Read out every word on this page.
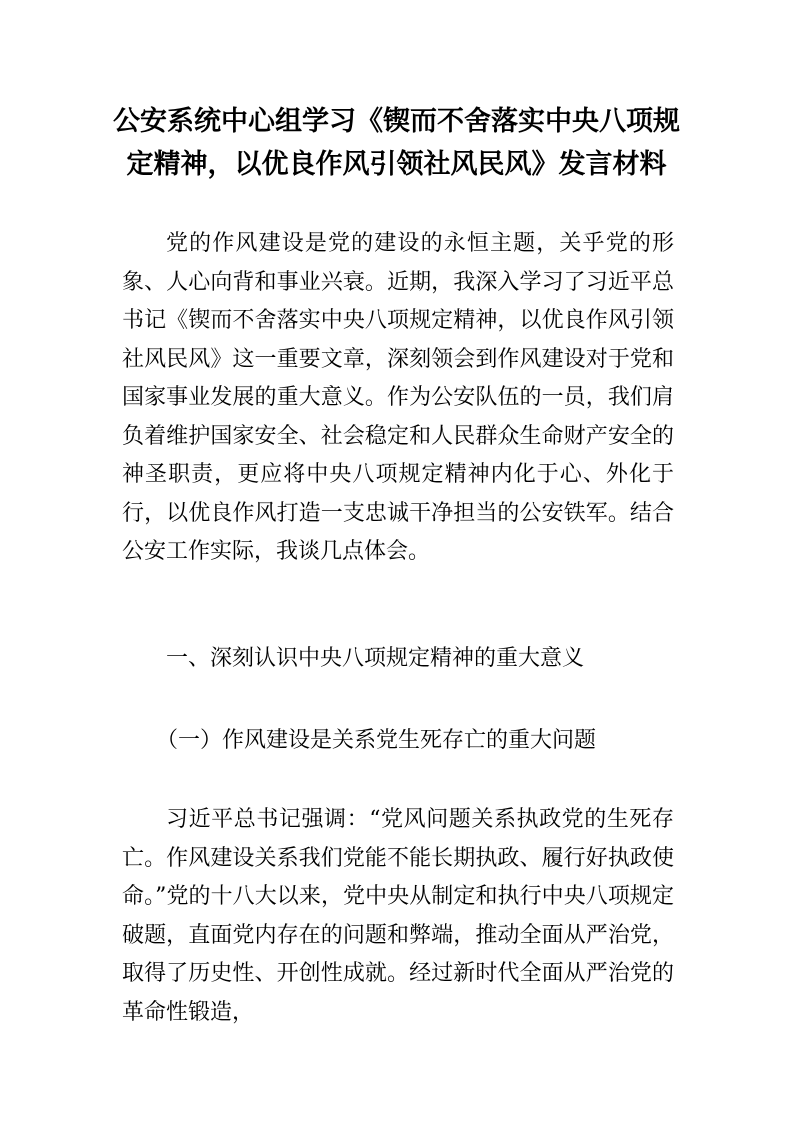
公安系统中心组学习《锲而不舍落实中央八项规
定精神，以优良作风引领社风民风》发言材料

党的作风建设是党的建设的永恒主题，关乎党的形象、人心向背和事业兴衰。近期，我深入学习了习近平总书记《锲而不舍落实中央八项规定精神，以优良作风引领社风民风》这一重要文章，深刻领会到作风建设对于党和国家事业发展的重大意义。作为公安队伍的一员，我们肩负着维护国家安全、社会稳定和人民群众生命财产安全的神圣职责，更应将中央八项规定精神内化于心、外化于行，以优良作风打造一支忠诚干净担当的公安铁军。结合公安工作实际，我谈几点体会。

一、深刻认识中央八项规定精神的重大意义

（一）作风建设是关系党生死存亡的重大问题

习近平总书记强调：“党风问题关系执政党的生死存亡。作风建设关系我们党能不能长期执政、履行好执政使命。”党的十八大以来，党中央从制定和执行中央八项规定破题，直面党内存在的问题和弊端，推动全面从严治党，取得了历史性、开创性成就。经过新时代全面从严治党的革命性锻造，
